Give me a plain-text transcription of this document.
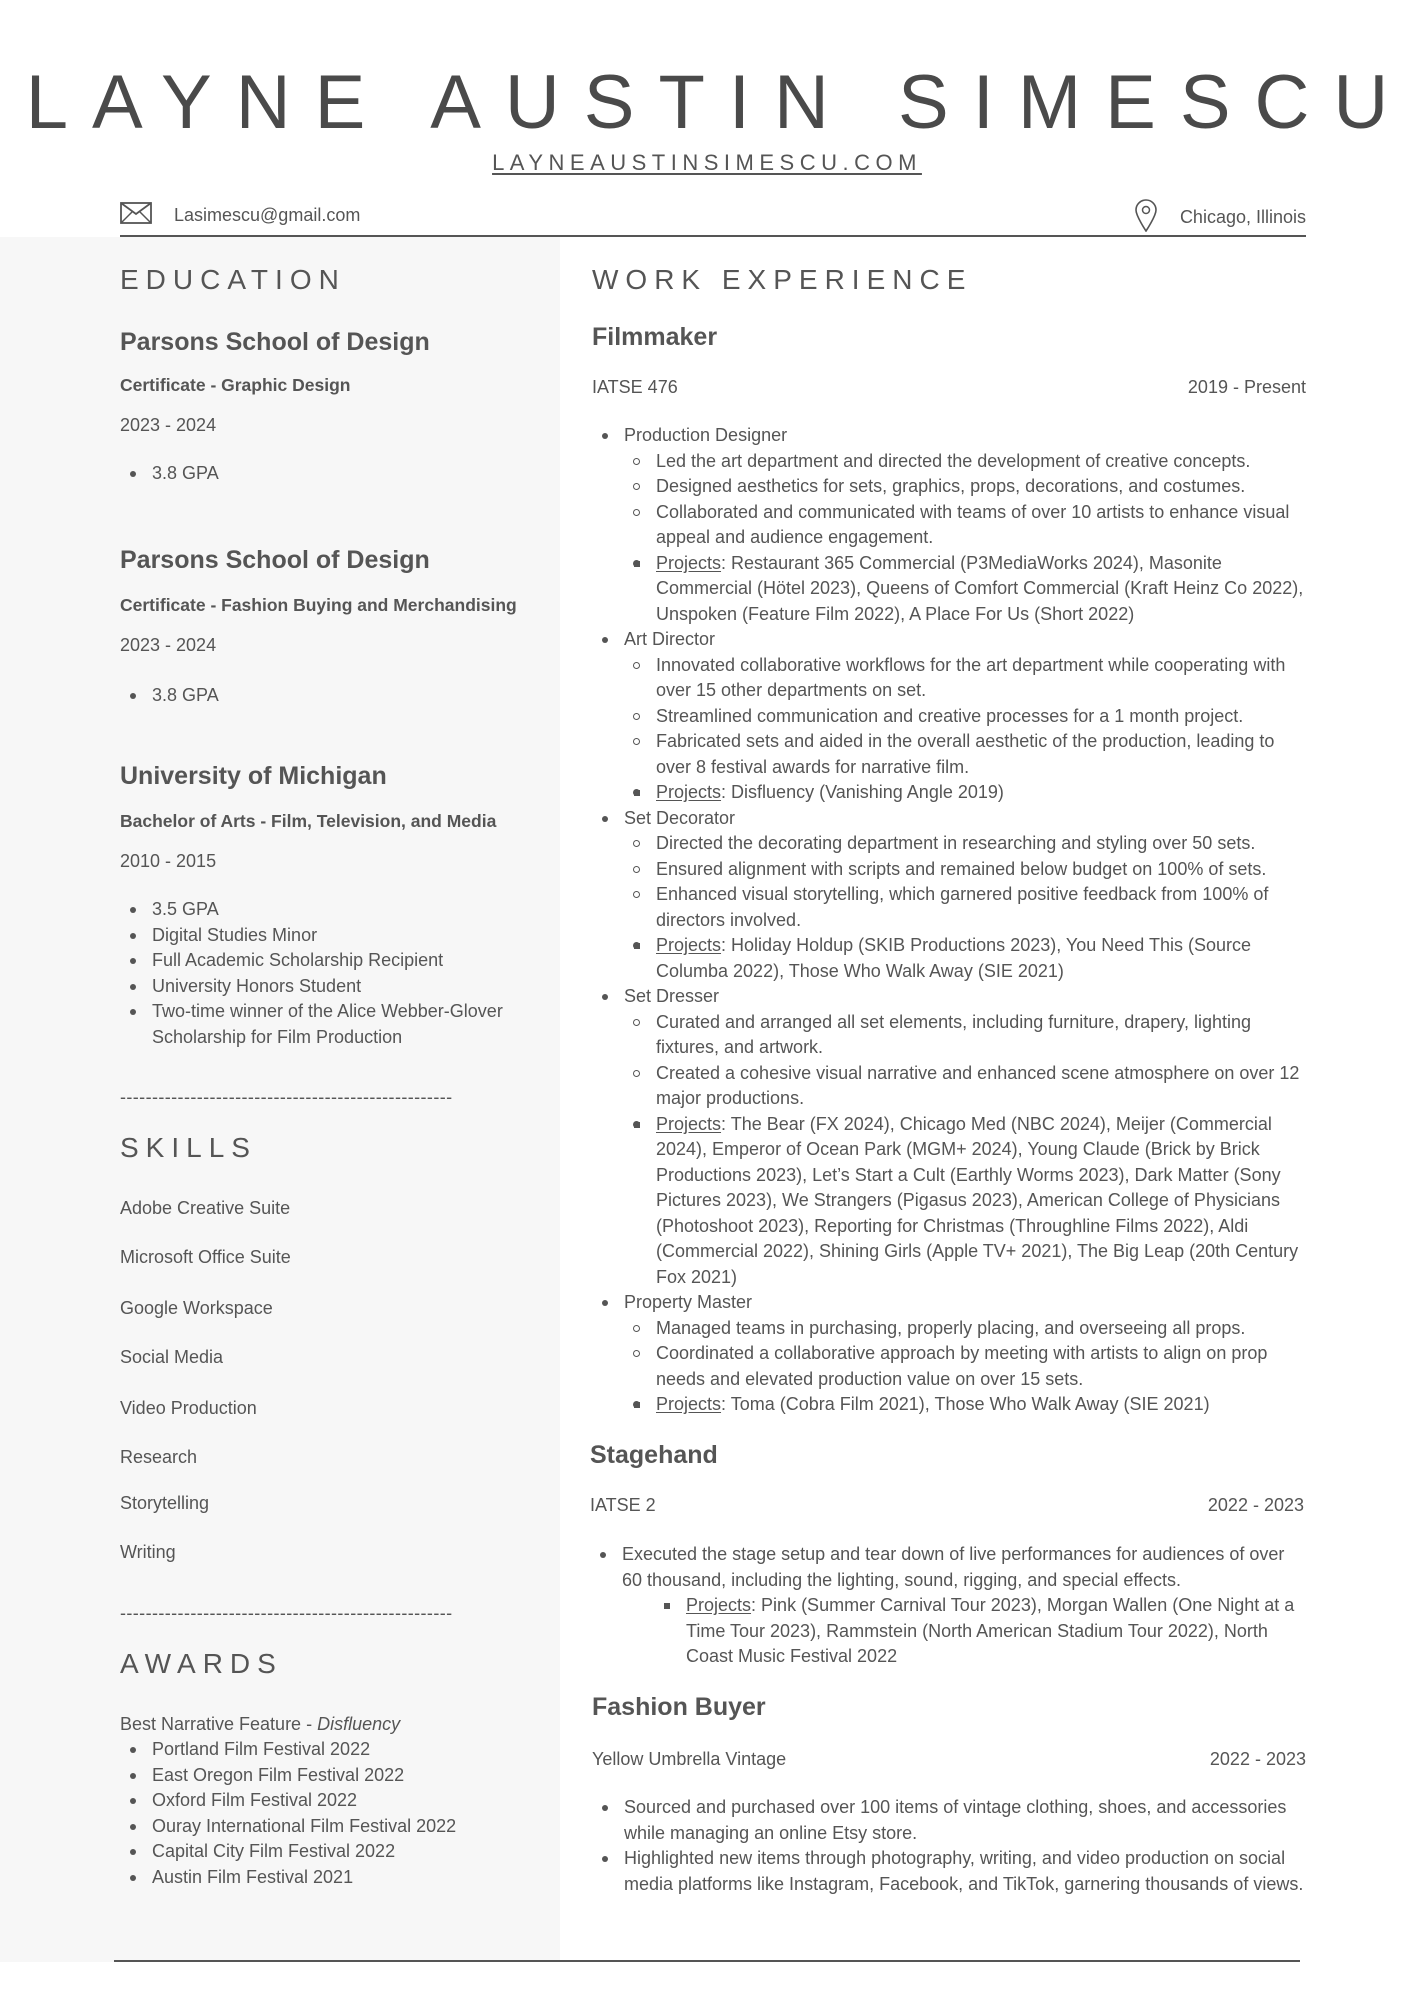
LAYNE AUSTIN SIMESCU
LAYNEAUSTINSIMESCU.COM
Lasimescu@gmail.com	Chicago, Illinois
EDUCATION
Parsons School of Design
Certificate - Graphic Design
2023 - 2024
3.8 GPA
Parsons School of Design
Certificate - Fashion Buying and Merchandising
2023 - 2024
3.8 GPA
University of Michigan
Bachelor of Arts - Film, Television, and Media
2010 - 2015
3.5 GPA
Digital Studies Minor
Full Academic Scholarship Recipient
University Honors Student
Two-time winner of the Alice Webber-Glover Scholarship for Film Production
----------------------------------------------------
SKILLS
Adobe Creative Suite
Microsoft Office Suite
Google Workspace
Social Media
Video Production
Research
Storytelling
Writing
----------------------------------------------------
AWARDS
Best Narrative Feature - Disfluency
Portland Film Festival 2022
East Oregon Film Festival 2022
Oxford Film Festival 2022
Ouray International Film Festival 2022
Capital City Film Festival 2022
Austin Film Festival 2021
WORK EXPERIENCE
Filmmaker
IATSE 476	2019 - Present
Production Designer
Led the art department and directed the development of creative concepts.
Designed aesthetics for sets, graphics, props, decorations, and costumes.
Collaborated and communicated with teams of over 10 artists to enhance visual appeal and audience engagement.
Projects: Restaurant 365 Commercial (P3MediaWorks 2024), Masonite Commercial (Hötel 2023), Queens of Comfort Commercial (Kraft Heinz Co 2022), Unspoken (Feature Film 2022), A Place For Us (Short 2022)
Art Director
Innovated collaborative workflows for the art department while cooperating with over 15 other departments on set.
Streamlined communication and creative processes for a 1 month project.
Fabricated sets and aided in the overall aesthetic of the production, leading to over 8 festival awards for narrative film.
Projects: Disfluency (Vanishing Angle 2019)
Set Decorator
Directed the decorating department in researching and styling over 50 sets.
Ensured alignment with scripts and remained below budget on 100% of sets.
Enhanced visual storytelling, which garnered positive feedback from 100% of directors involved.
Projects: Holiday Holdup (SKIB Productions 2023), You Need This (Source Columba 2022), Those Who Walk Away (SIE 2021)
Set Dresser
Curated and arranged all set elements, including furniture, drapery, lighting fixtures, and artwork.
Created a cohesive visual narrative and enhanced scene atmosphere on over 12 major productions.
Projects: The Bear (FX 2024), Chicago Med (NBC 2024), Meijer (Commercial 2024), Emperor of Ocean Park (MGM+ 2024), Young Claude (Brick by Brick Productions 2023), Let’s Start a Cult (Earthly Worms 2023), Dark Matter (Sony Pictures 2023), We Strangers (Pigasus 2023), American College of Physicians (Photoshoot 2023), Reporting for Christmas (Throughline Films 2022), Aldi (Commercial 2022), Shining Girls (Apple TV+ 2021), The Big Leap (20th Century Fox 2021)
Property Master
Managed teams in purchasing, properly placing, and overseeing all props.
Coordinated a collaborative approach by meeting with artists to align on prop needs and elevated production value on over 15 sets.
Projects: Toma (Cobra Film 2021), Those Who Walk Away (SIE 2021)
Stagehand
IATSE 2	2022 - 2023
Executed the stage setup and tear down of live performances for audiences of over 60 thousand, including the lighting, sound, rigging, and special effects.
Projects: Pink (Summer Carnival Tour 2023), Morgan Wallen (One Night at a Time Tour 2023), Rammstein (North American Stadium Tour 2022), North Coast Music Festival 2022
Fashion Buyer
Yellow Umbrella Vintage	2022 - 2023
Sourced and purchased over 100 items of vintage clothing, shoes, and accessories while managing an online Etsy store.
Highlighted new items through photography, writing, and video production on social media platforms like Instagram, Facebook, and TikTok, garnering thousands of views.
